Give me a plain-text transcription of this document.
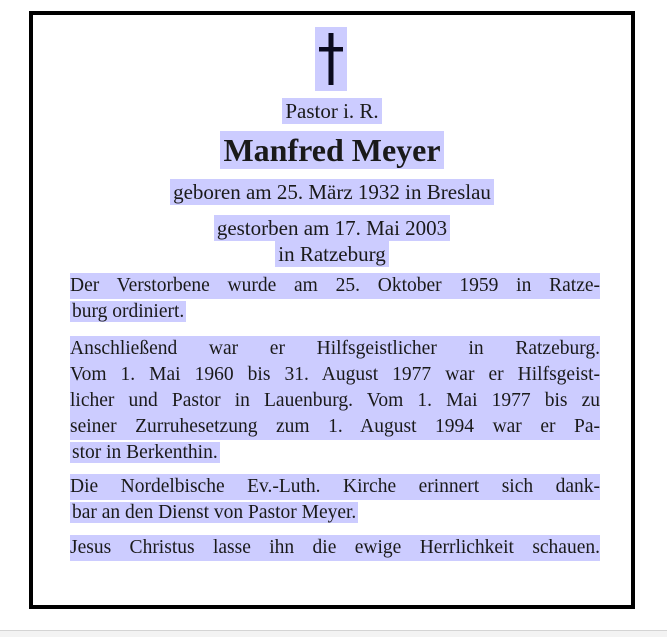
Pastor i. R.
Manfred Meyer
geboren am 25. März 1932 in Breslau
gestorben am 17. Mai 2003
in Ratzeburg
Der Verstorbene wurde am 25. Oktober 1959 in Ratze-
burg ordiniert.
Anschließend war er Hilfsgeistlicher in Ratzeburg.
Vom 1. Mai 1960 bis 31. August 1977 war er Hilfsgeist-
licher und Pastor in Lauenburg. Vom 1. Mai 1977 bis zu
seiner Zurruhesetzung zum 1. August 1994 war er Pa-
stor in Berkenthin.
Die Nordelbische Ev.-Luth. Kirche erinnert sich dank-
bar an den Dienst von Pastor Meyer.
Jesus Christus lasse ihn die ewige Herrlichkeit schauen.
